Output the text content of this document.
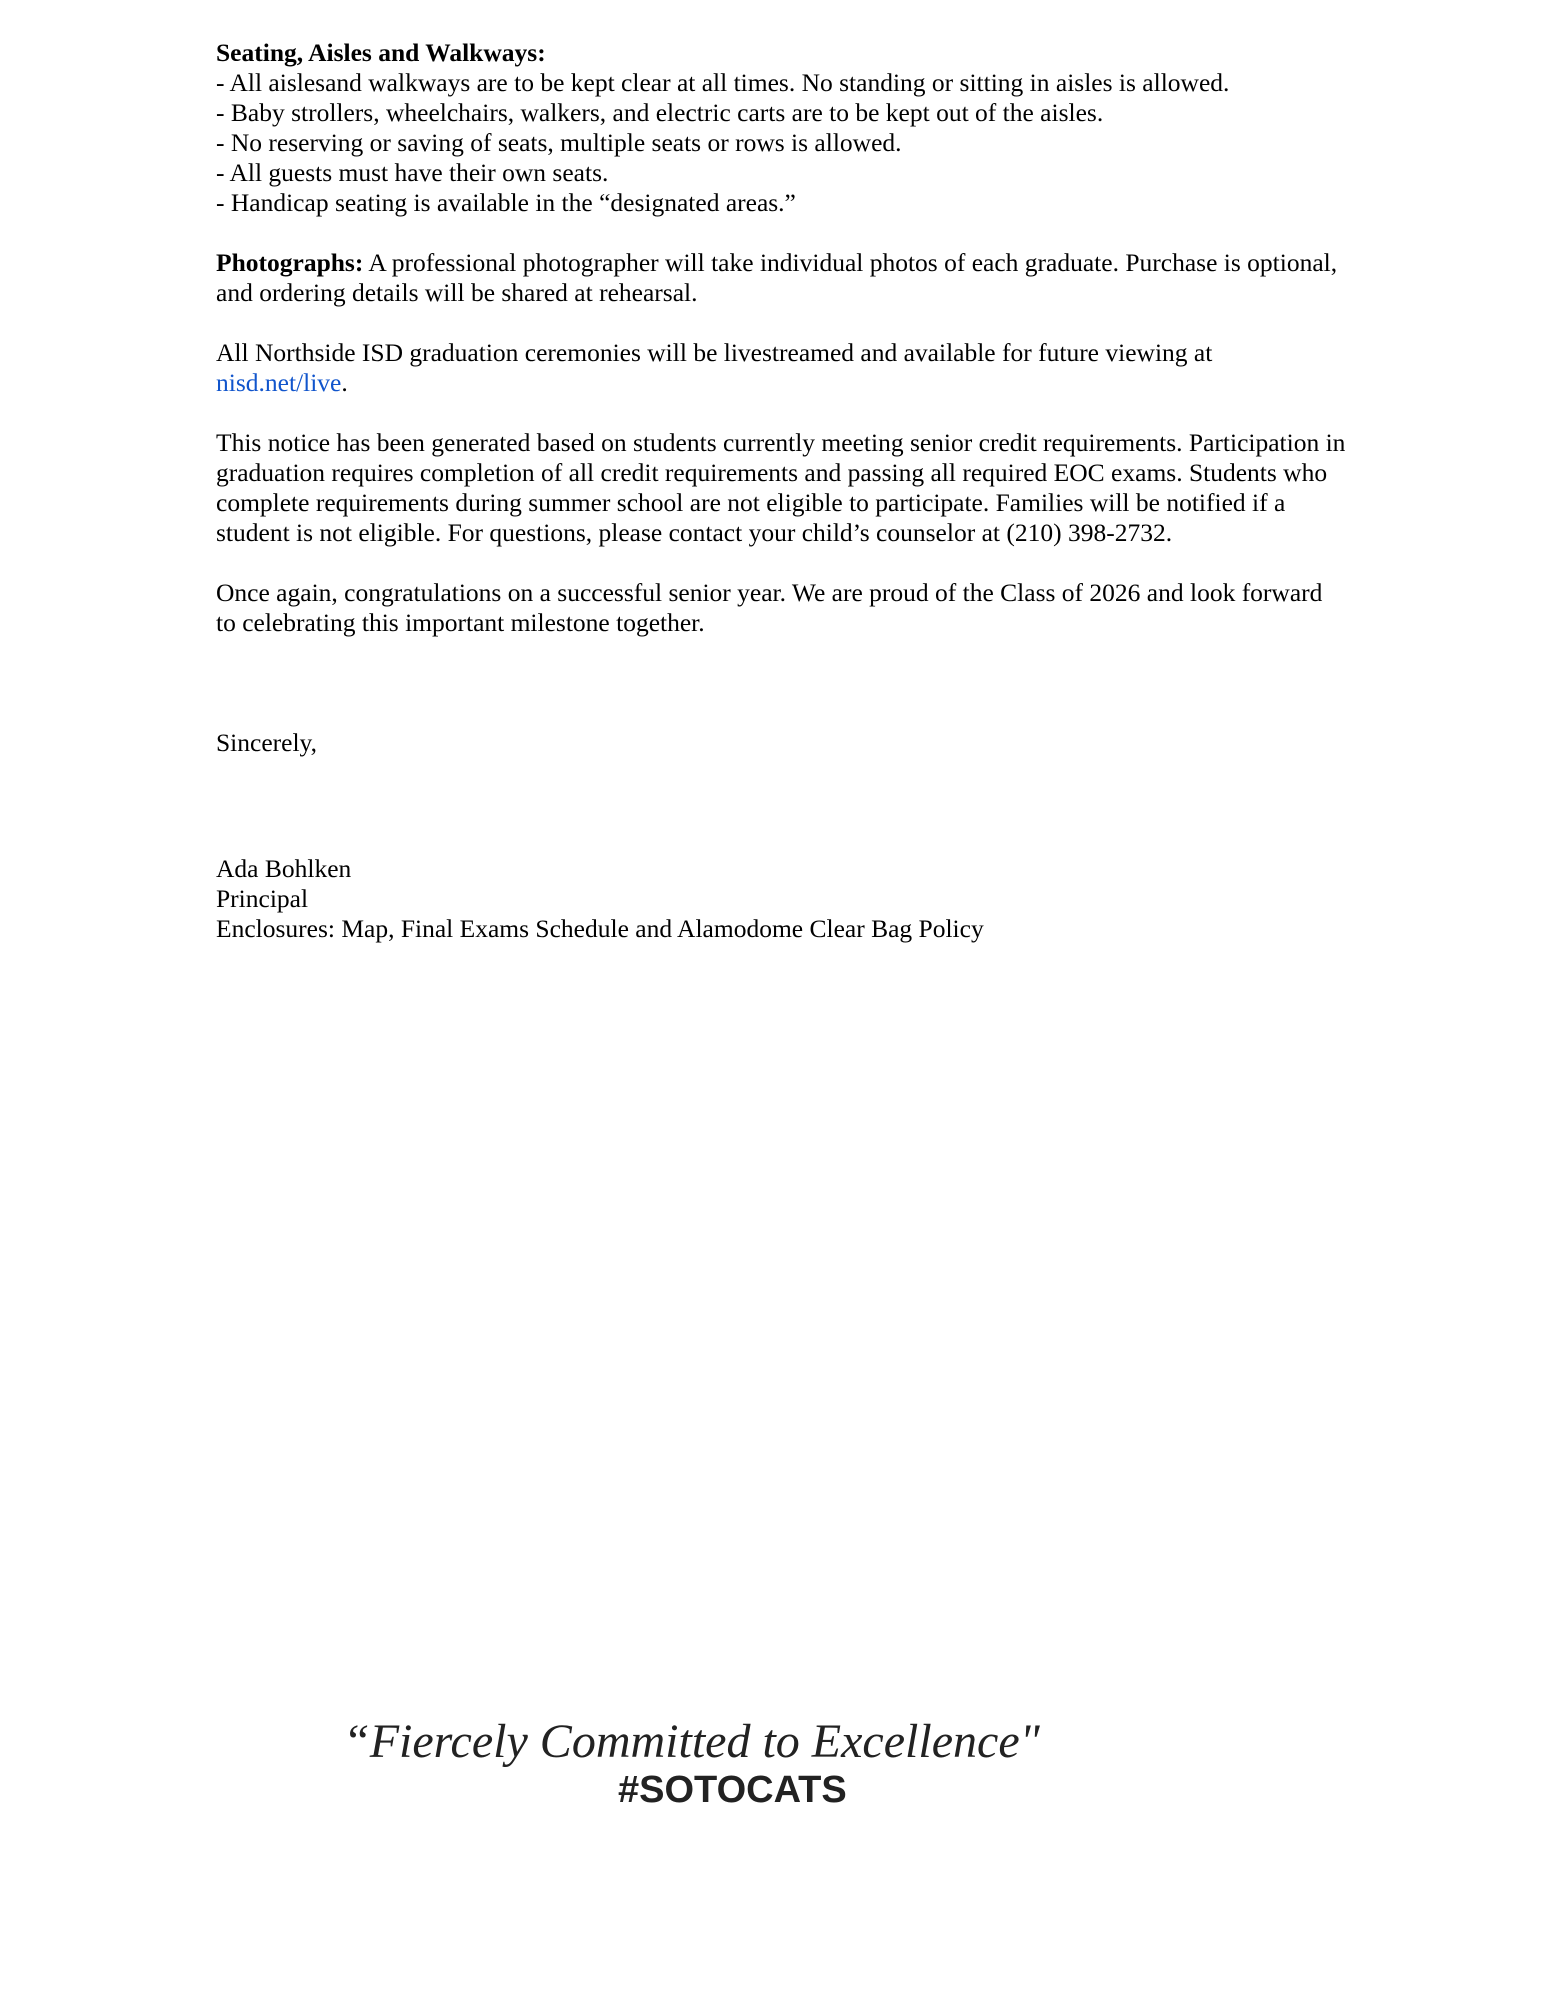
Seating, Aisles and Walkways:
- All aislesand walkways are to be kept clear at all times. No standing or sitting in aisles is allowed.
- Baby strollers, wheelchairs, walkers, and electric carts are to be kept out of the aisles.
- No reserving or saving of seats, multiple seats or rows is allowed.
- All guests must have their own seats.
- Handicap seating is available in the “designated areas.”

Photographs: A professional photographer will take individual photos of each graduate. Purchase is optional, and ordering details will be shared at rehearsal.

All Northside ISD graduation ceremonies will be livestreamed and available for future viewing at nisd.net/live.

This notice has been generated based on students currently meeting senior credit requirements. Participation in graduation requires completion of all credit requirements and passing all required EOC exams. Students who complete requirements during summer school are not eligible to participate. Families will be notified if a student is not eligible. For questions, please contact your child’s counselor at (210) 398-2732.

Once again, congratulations on a successful senior year. We are proud of the Class of 2026 and look forward to celebrating this important milestone together.

Sincerely,

Ada Bohlken
Principal
Enclosures: Map, Final Exams Schedule and Alamodome Clear Bag Policy
“Fiercely Committed to Excellence"
#SOTOCATS
